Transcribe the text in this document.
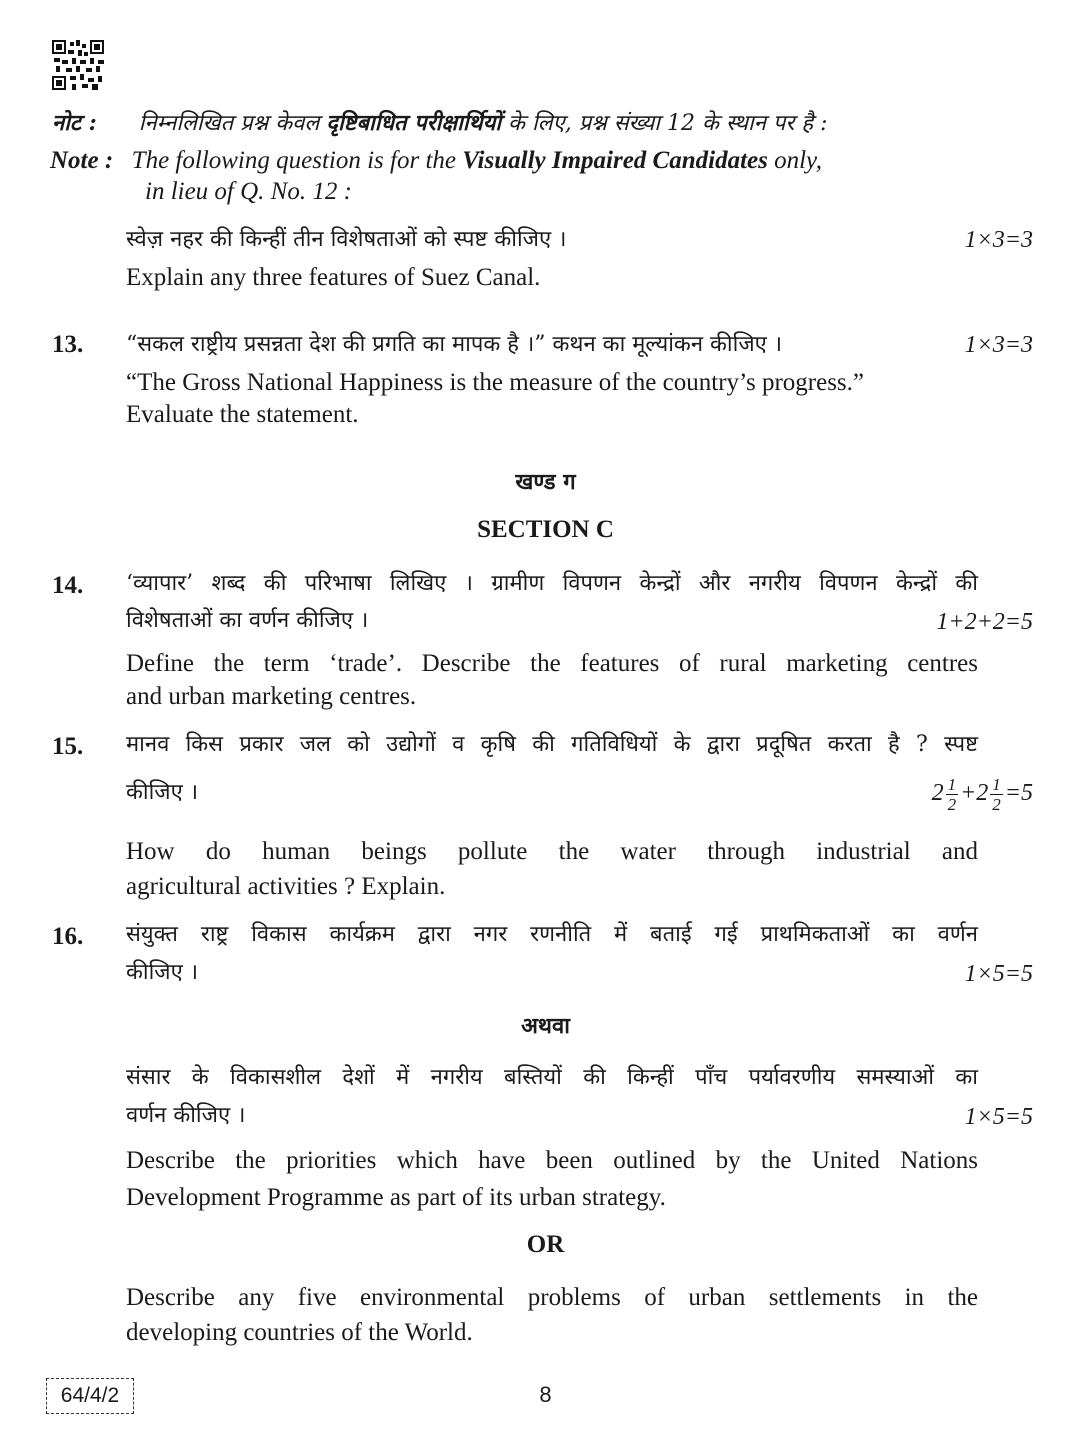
नोट : निम्नलिखित प्रश्न केवल दृष्टिबाधित परीक्षार्थियों के लिए, प्रश्न संख्या 12 के स्थान पर है :
Note : The following question is for the Visually Impaired Candidates only,
in lieu of Q. No. 12 :
स्वेज़ नहर की किन्हीं तीन विशेषताओं को स्पष्ट कीजिए ।	1×3=3
Explain any three features of Suez Canal.
13. “सकल राष्ट्रीय प्रसन्नता देश की प्रगति का मापक है ।” कथन का मूल्यांकन कीजिए ।	1×3=3
“The Gross National Happiness is the measure of the country’s progress.”
Evaluate the statement.
खण्ड ग
SECTION C
14. ‘व्यापार’ शब्द की परिभाषा लिखिए । ग्रामीण विपणन केन्द्रों और नगरीय विपणन केन्द्रों की
विशेषताओं का वर्णन कीजिए ।	1+2+2=5
Define the term ‘trade’. Describe the features of rural marketing centres
and urban marketing centres.
15. मानव किस प्रकार जल को उद्योगों व कृषि की गतिविधियों के द्वारा प्रदूषित करता है ? स्पष्ट
कीजिए ।	$2 \frac{1}{2} +2 \frac{1}{2} =5$
How do human beings pollute the water through industrial and
agricultural activities ? Explain.
16. संयुक्त राष्ट्र विकास कार्यक्रम द्वारा नगर रणनीति में बताई गई प्राथमिकताओं का वर्णन
कीजिए ।	1×5=5
अथवा
संसार के विकासशील देशों में नगरीय बस्तियों की किन्हीं पाँच पर्यावरणीय समस्याओं का
वर्णन कीजिए ।	1×5=5
Describe the priorities which have been outlined by the United Nations
Development Programme as part of its urban strategy.
OR
Describe any five environmental problems of urban settlements in the
developing countries of the World.
64/4/2	8
